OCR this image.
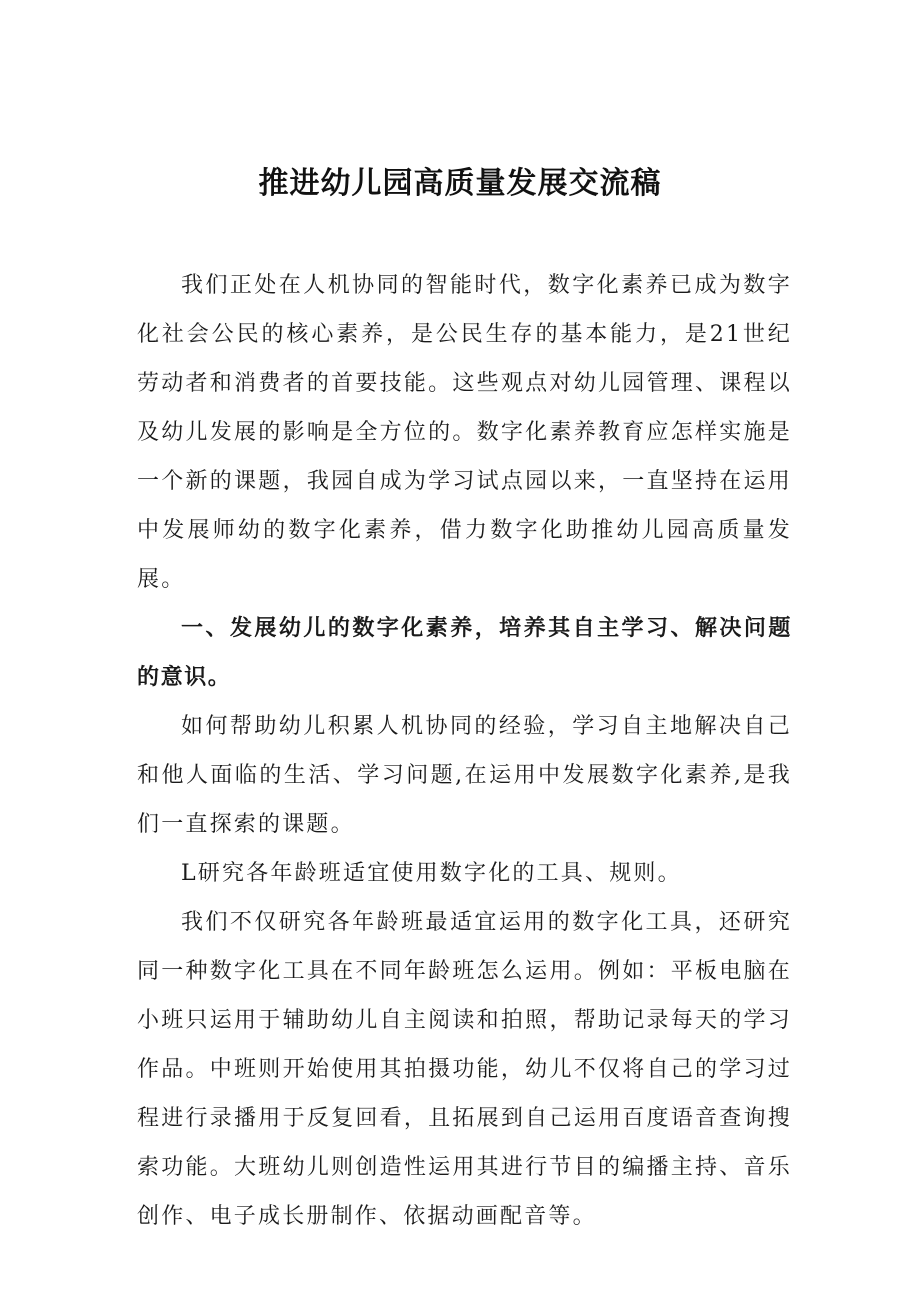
推进幼儿园高质量发展交流稿

我们正处在人机协同的智能时代，数字化素养已成为数字化社会公民的核心素养，是公民生存的基本能力，是21世纪劳动者和消费者的首要技能。这些观点对幼儿园管理、课程以及幼儿发展的影响是全方位的。数字化素养教育应怎样实施是一个新的课题，我园自成为学习试点园以来，一直坚持在运用中发展师幼的数字化素养，借力数字化助推幼儿园高质量发展。

一、发展幼儿的数字化素养，培养其自主学习、解决问题的意识。

如何帮助幼儿积累人机协同的经验，学习自主地解决自己和他人面临的生活、学习问题,在运用中发展数字化素养,是我们一直探索的课题。

L研究各年龄班适宜使用数字化的工具、规则。

我们不仅研究各年龄班最适宜运用的数字化工具，还研究同一种数字化工具在不同年龄班怎么运用。例如：平板电脑在小班只运用于辅助幼儿自主阅读和拍照，帮助记录每天的学习作品。中班则开始使用其拍摄功能，幼儿不仅将自己的学习过程进行录播用于反复回看，且拓展到自己运用百度语音查询搜索功能。大班幼儿则创造性运用其进行节目的编播主持、音乐创作、电子成长册制作、依据动画配音等。
